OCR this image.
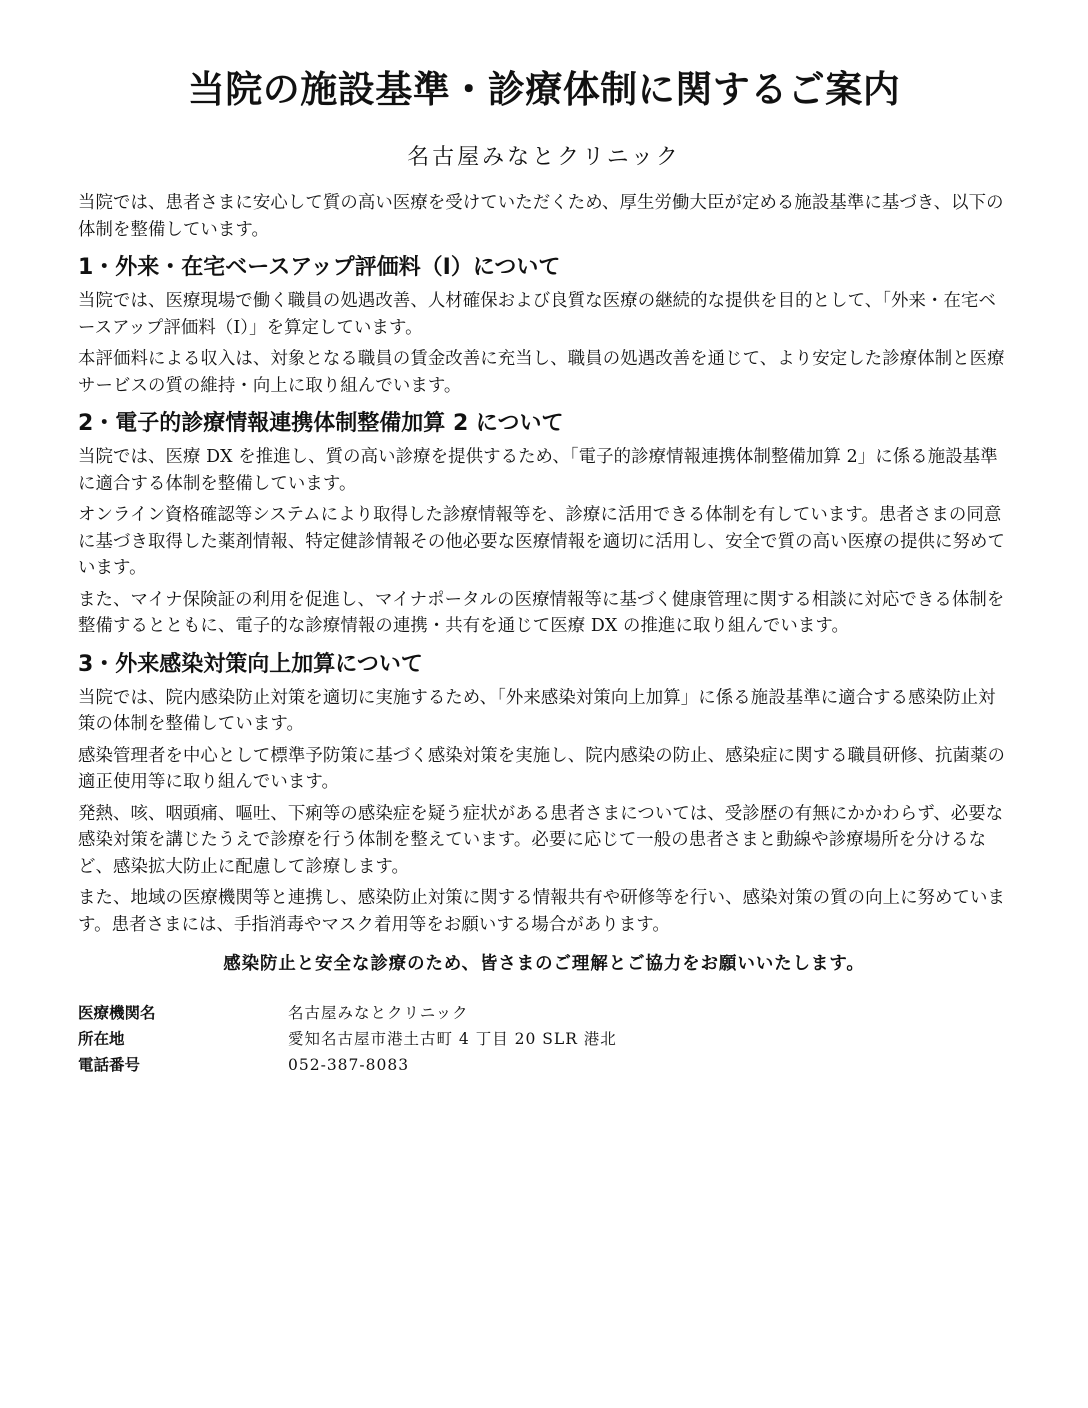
当院の施設基準・診療体制に関するご案内
名古屋みなとクリニック

当院では、患者さまに安心して質の高い医療を受けていただくため、厚生労働大臣が定める施設基準に基づき、以下の体制を整備しています。

1・外来・在宅ベースアップ評価料（Ⅰ）について

当院では、医療現場で働く職員の処遇改善、人材確保および良質な医療の継続的な提供を目的として、「外来・在宅ベースアップ評価料（Ⅰ）」を算定しています。

本評価料による収入は、対象となる職員の賃金改善に充当し、職員の処遇改善を通じて、より安定した診療体制と医療サービスの質の維持・向上に取り組んでいます。

2・電子的診療情報連携体制整備加算 2 について

当院では、医療 DX を推進し、質の高い診療を提供するため、「電子的診療情報連携体制整備加算 2」に係る施設基準に適合する体制を整備しています。

オンライン資格確認等システムにより取得した診療情報等を、診療に活用できる体制を有しています。患者さまの同意に基づき取得した薬剤情報、特定健診情報その他必要な医療情報を適切に活用し、安全で質の高い医療の提供に努めています。

また、マイナ保険証の利用を促進し、マイナポータルの医療情報等に基づく健康管理に関する相談に対応できる体制を整備するとともに、電子的な診療情報の連携・共有を通じて医療 DX の推進に取り組んでいます。

3・外来感染対策向上加算について

当院では、院内感染防止対策を適切に実施するため、「外来感染対策向上加算」に係る施設基準に適合する感染防止対策の体制を整備しています。

感染管理者を中心として標準予防策に基づく感染対策を実施し、院内感染の防止、感染症に関する職員研修、抗菌薬の適正使用等に取り組んでいます。

発熱、咳、咽頭痛、嘔吐、下痢等の感染症を疑う症状がある患者さまについては、受診歴の有無にかかわらず、必要な感染対策を講じたうえで診療を行う体制を整えています。必要に応じて一般の患者さまと動線や診療場所を分けるなど、感染拡大防止に配慮して診療します。

また、地域の医療機関等と連携し、感染防止対策に関する情報共有や研修等を行い、感染対策の質の向上に努めています。患者さまには、手指消毒やマスク着用等をお願いする場合があります。

感染防止と安全な診療のため、皆さまのご理解とご協力をお願いいたします。
医療機関名	名古屋みなとクリニック
所在地	愛知名古屋市港土古町 4 丁目 20 SLR 港北
電話番号	052-387-8083
